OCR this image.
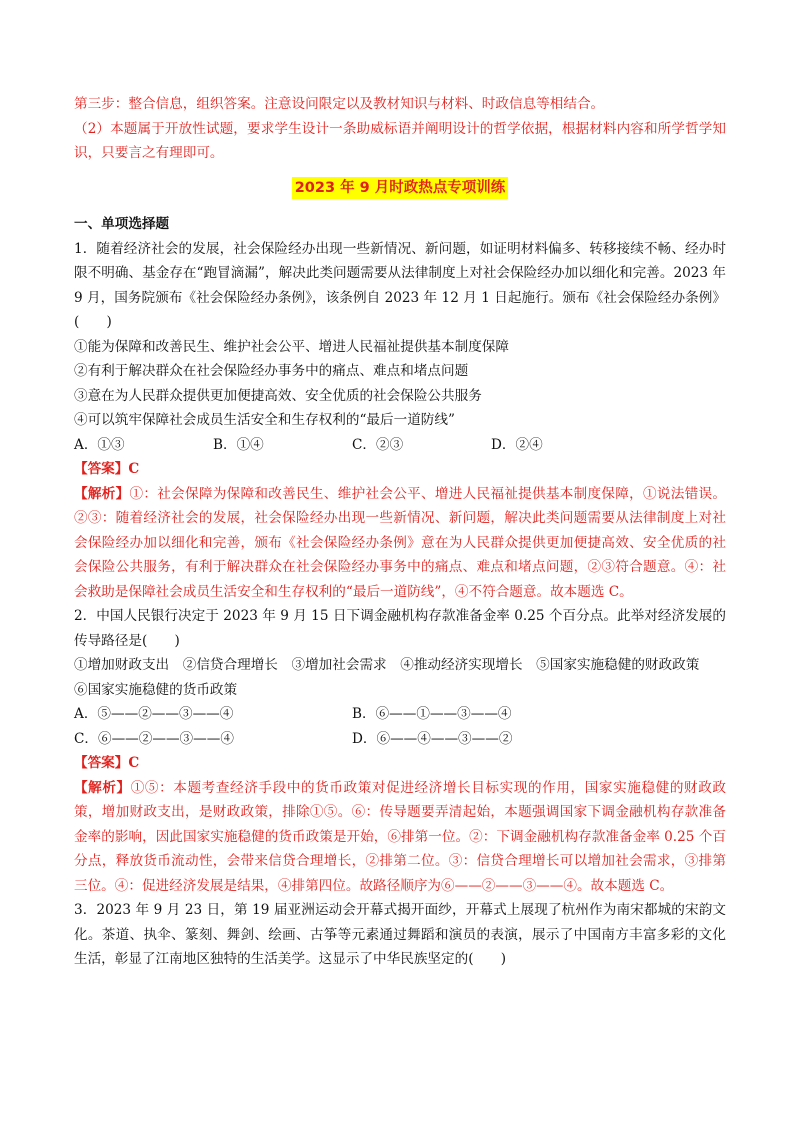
第三步：整合信息，组织答案。注意设问限定以及教材知识与材料、时政信息等相结合。

（2）本题属于开放性试题，要求学生设计一条助威标语并阐明设计的哲学依据，根据材料内容和所学哲学知识，只要言之有理即可。

2023 年 9 月时政热点专项训练
一、单项选择题

1．随着经济社会的发展，社会保险经办出现一些新情况、新问题，如证明材料偏多、转移接续不畅、经办时限不明确、基金存在“跑冒滴漏”，解决此类问题需要从法律制度上对社会保险经办加以细化和完善。2023 年 9 月，国务院颁布《社会保险经办条例》，该条例自 2023 年 12 月 1 日起施行。颁布《社会保险经办条例》(　　)

①能为保障和改善民生、维护社会公平、增进人民福祉提供基本制度保障

②有利于解决群众在社会保险经办事务中的痛点、难点和堵点问题

③意在为人民群众提供更加便捷高效、安全优质的社会保险公共服务

④可以筑牢保障社会成员生活安全和生存权利的“最后一道防线”

A．①③	B．①④	C．②③	D．②④

【答案】C

【解析】①：社会保障为保障和改善民生、维护社会公平、增进人民福祉提供基本制度保障，①说法错误。②③：随着经济社会的发展，社会保险经办出现一些新情况、新问题，解决此类问题需要从法律制度上对社会保险经办加以细化和完善，颁布《社会保险经办条例》意在为人民群众提供更加便捷高效、安全优质的社会保险公共服务，有利于解决群众在社会保险经办事务中的痛点、难点和堵点问题，②③符合题意。④：社会救助是保障社会成员生活安全和生存权利的“最后一道防线”，④不符合题意。故本题选 C。

2．中国人民银行决定于 2023 年 9 月 15 日下调金融机构存款准备金率 0.25 个百分点。此举对经济发展的传导路径是(　　)

①增加财政支出　②信贷合理增长　③增加社会需求　④推动经济实现增长　⑤国家实施稳健的财政政策

⑥国家实施稳健的货币政策

A．⑤——②——③——④	B．⑥——①——③——④
C．⑥——②——③——④	D．⑥——④——③——②

【答案】C

【解析】①⑤：本题考查经济手段中的货币政策对促进经济增长目标实现的作用，国家实施稳健的财政政策，增加财政支出，是财政政策，排除①⑤。⑥：传导题要弄清起始，本题强调国家下调金融机构存款准备金率的影响，因此国家实施稳健的货币政策是开始，⑥排第一位。②：下调金融机构存款准备金率 0.25 个百分点，释放货币流动性，会带来信贷合理增长，②排第二位。③：信贷合理增长可以增加社会需求，③排第三位。④：促进经济发展是结果，④排第四位。故路径顺序为⑥——②——③——④。故本题选 C。

3．2023 年 9 月 23 日，第 19 届亚洲运动会开幕式揭开面纱，开幕式上展现了杭州作为南宋都城的宋韵文化。茶道、执伞、篆刻、舞剑、绘画、古筝等元素通过舞蹈和演员的表演，展示了中国南方丰富多彩的文化生活，彰显了江南地区独特的生活美学。这显示了中华民族坚定的(　　)
